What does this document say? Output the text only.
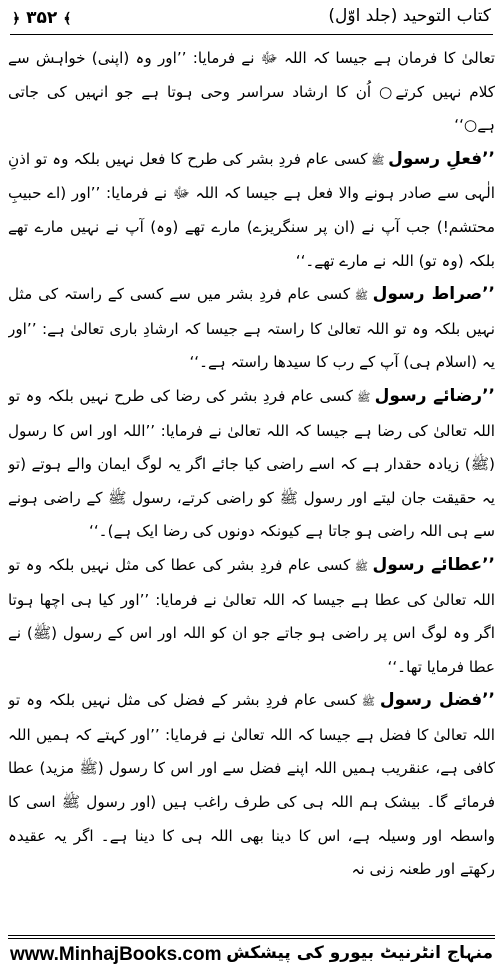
﴾ ۳۵۲ ﴿	کتاب التوحید (جلد اوّل)

تعالیٰ کا فرمان ہے جیسا کہ اللہ ﷻ نے فرمایا: ’’اور وہ (اپنی) خواہش سے کلام نہیں کرتے○ اُن کا ارشاد سراسر وحی ہوتا ہے جو انہیں کی جاتی ہے○‘‘

’’فعلِ رسول ﷺ کسی عام فردِ بشر کی طرح کا فعل نہیں بلکہ وہ تو اذنِ الٰہی سے صادر ہونے والا فعل ہے جیسا کہ اللہ ﷻ نے فرمایا: ’’اور (اے حبیبِ محتشم!) جب آپ نے (ان پر سنگریزے) مارے تھے (وہ) آپ نے نہیں مارے تھے بلکہ (وہ تو) اللہ نے مارے تھے۔‘‘

’’صراط رسول ﷺ کسی عام فردِ بشر میں سے کسی کے راستہ کی مثل نہیں بلکہ وہ تو اللہ تعالیٰ کا راستہ ہے جیسا کہ ارشادِ باری تعالیٰ ہے: ’’اور یہ (اسلام ہی) آپ کے رب کا سیدھا راستہ ہے۔‘‘

’’رضائے رسول ﷺ کسی عام فردِ بشر کی رضا کی طرح نہیں بلکہ وہ تو اللہ تعالیٰ کی رضا ہے جیسا کہ اللہ تعالیٰ نے فرمایا: ’’اللہ اور اس کا رسول (ﷺ) زیادہ حقدار ہے کہ اسے راضی کیا جائے اگر یہ لوگ ایمان والے ہوتے (تو یہ حقیقت جان لیتے اور رسول ﷺ کو راضی کرتے، رسول ﷺ کے راضی ہونے سے ہی اللہ راضی ہو جاتا ہے کیونکہ دونوں کی رضا ایک ہے)۔‘‘

’’عطائے رسول ﷺ کسی عام فردِ بشر کی عطا کی مثل نہیں بلکہ وہ تو اللہ تعالیٰ کی عطا ہے جیسا کہ اللہ تعالیٰ نے فرمایا: ’’اور کیا ہی اچھا ہوتا اگر وہ لوگ اس پر راضی ہو جاتے جو ان کو اللہ اور اس کے رسول (ﷺ) نے عطا فرمایا تھا۔‘‘

’’فضل رسول ﷺ کسی عام فردِ بشر کے فضل کی مثل نہیں بلکہ وہ تو اللہ تعالیٰ کا فضل ہے جیسا کہ اللہ تعالیٰ نے فرمایا: ’’اور کہتے کہ ہمیں اللہ کافی ہے، عنقریب ہمیں اللہ اپنے فضل سے اور اس کا رسول (ﷺ مزید) عطا فرمائے گا۔ بیشک ہم اللہ ہی کی طرف راغب ہیں (اور رسول ﷺ اسی کا واسطہ اور وسیلہ ہے، اس کا دینا بھی اللہ ہی کا دینا ہے۔ اگر یہ عقیدہ رکھتے اور طعنہ زنی نہ

www.MinhajBooks.com منہاج انٹرنیٹ بیورو کی پیشکش
